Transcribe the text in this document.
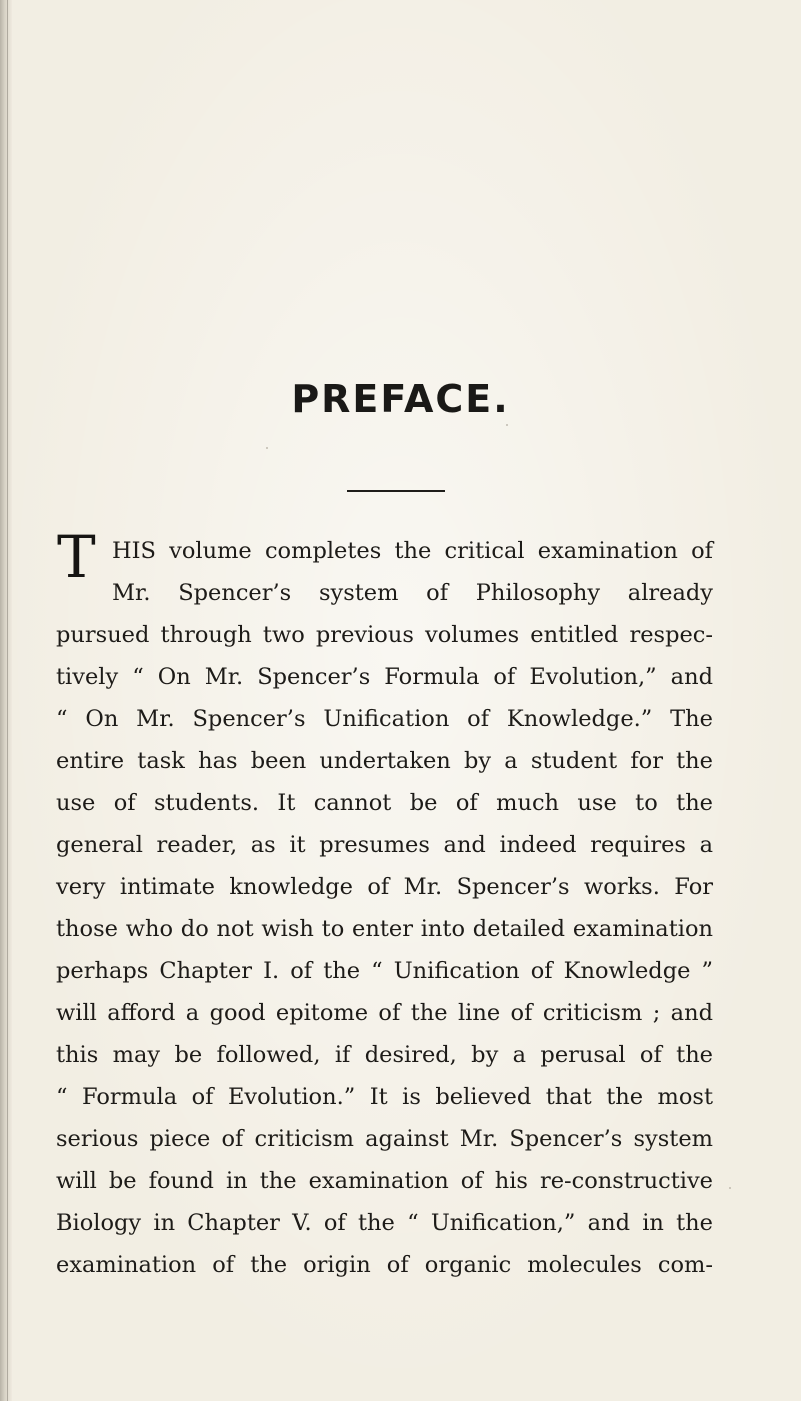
PREFACE.
T HIS volume completes the critical examination of
Mr. Spencer’s system of Philosophy already
pursued through two previous volumes entitled respec-
tively “ On Mr. Spencer’s Formula of Evolution,” and
“ On Mr. Spencer’s Unification of Knowledge.” The
entire task has been undertaken by a student for the
use of students. It cannot be of much use to the
general reader, as it presumes and indeed requires a
very intimate knowledge of Mr. Spencer’s works. For
those who do not wish to enter into detailed examination
perhaps Chapter I. of the “ Unification of Knowledge ”
will afford a good epitome of the line of criticism ; and
this may be followed, if desired, by a perusal of the
“ Formula of Evolution.” It is believed that the most
serious piece of criticism against Mr. Spencer’s system
will be found in the examination of his re-constructive
Biology in Chapter V. of the “ Unification,” and in the
examination of the origin of organic molecules com-
